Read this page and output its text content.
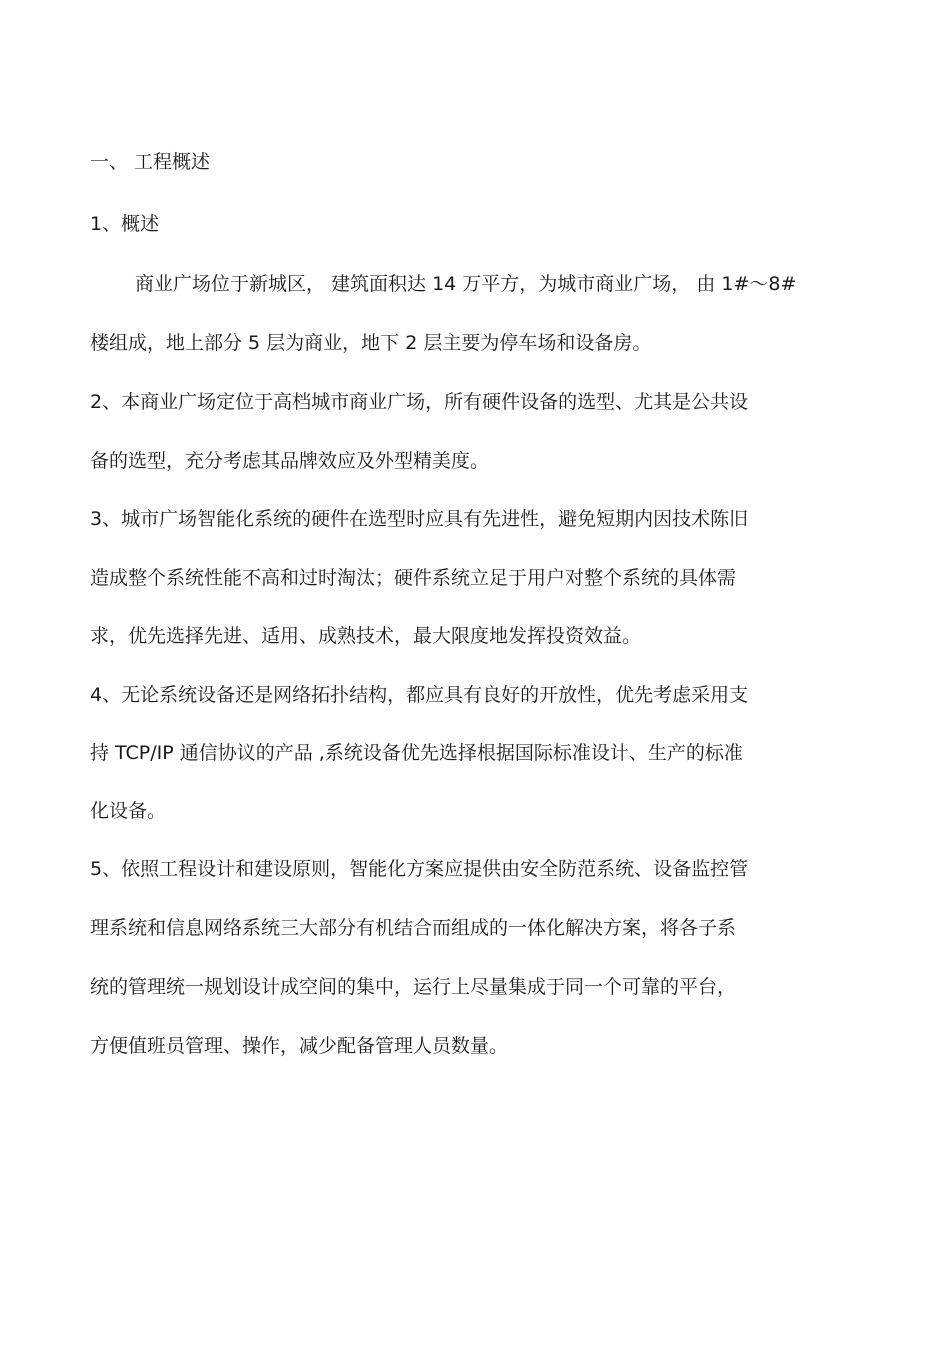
一、 工程概述
1、概述
商业广场位于新城区， 建筑面积达 14 万平方，为城市商业广场， 由 1#～8#
楼组成，地上部分 5 层为商业，地下 2 层主要为停车场和设备房。
2、本商业广场定位于高档城市商业广场，所有硬件设备的选型、尤其是公共设
备的选型，充分考虑其品牌效应及外型精美度。
3、城市广场智能化系统的硬件在选型时应具有先进性，避免短期内因技术陈旧
造成整个系统性能不高和过时淘汰；硬件系统立足于用户对整个系统的具体需
求，优先选择先进、适用、成熟技术，最大限度地发挥投资效益。
4、无论系统设备还是网络拓扑结构，都应具有良好的开放性，优先考虑采用支
持 TCP/IP 通信协议的产品 ,系统设备优先选择根据国际标准设计、生产的标准
化设备。
5、依照工程设计和建设原则，智能化方案应提供由安全防范系统、设备监控管
理系统和信息网络系统三大部分有机结合而组成的一体化解决方案，将各子系
统的管理统一规划设计成空间的集中，运行上尽量集成于同一个可靠的平台，
方便值班员管理、操作，减少配备管理人员数量。
